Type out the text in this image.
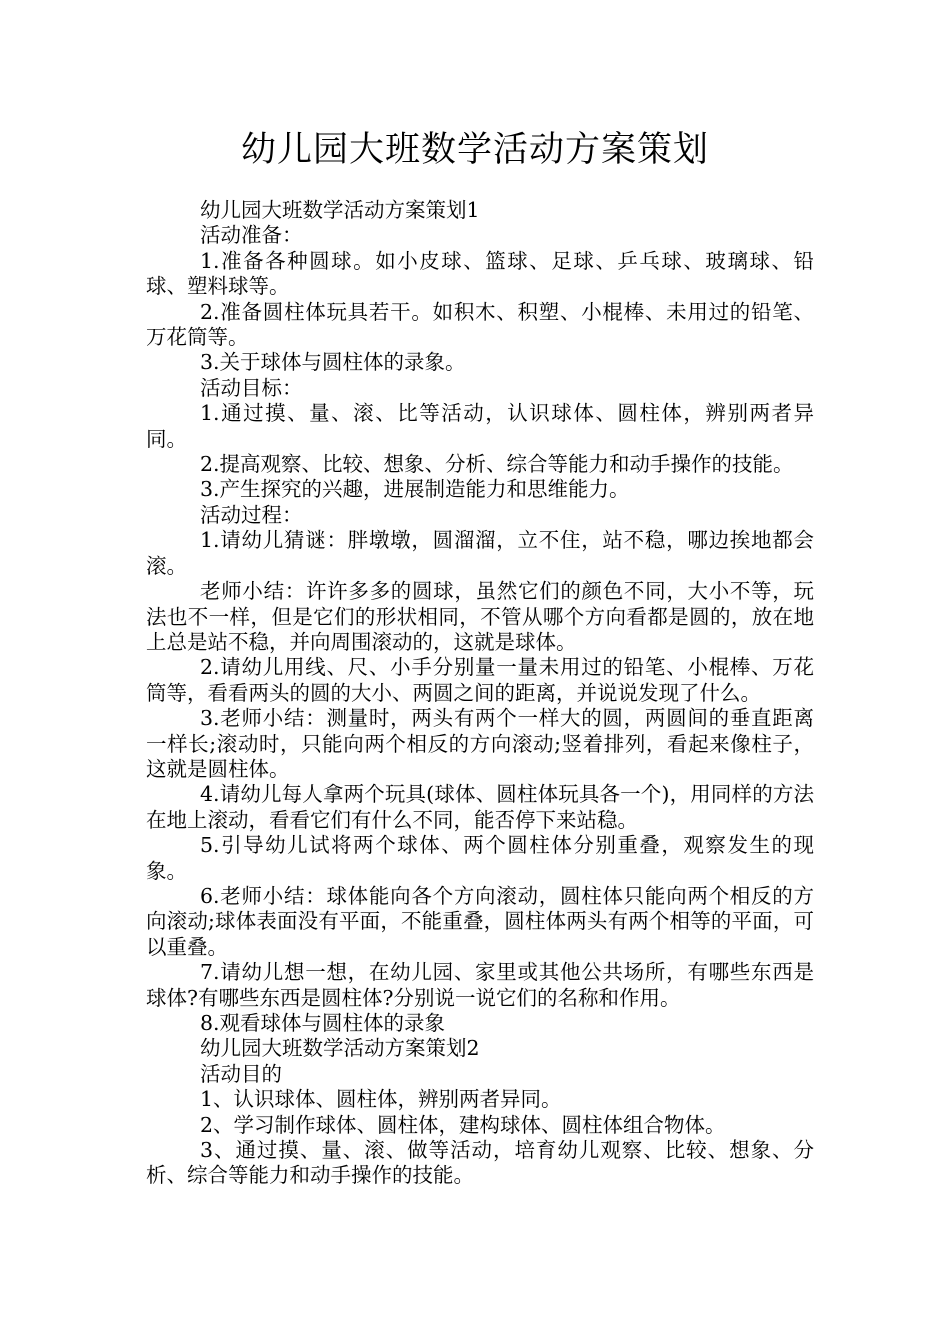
幼儿园大班数学活动方案策划

幼儿园大班数学活动方案策划1

活动准备：

1.准备各种圆球。如小皮球、篮球、足球、乒乓球、玻璃球、铅球、塑料球等。

2.准备圆柱体玩具若干。如积木、积塑、小棍棒、未用过的铅笔、万花筒等。

3.关于球体与圆柱体的录象。

活动目标：

1.通过摸、量、滚、比等活动，认识球体、圆柱体，辨别两者异同。

2.提高观察、比较、想象、分析、综合等能力和动手操作的技能。

3.产生探究的兴趣，进展制造能力和思维能力。

活动过程：

1.请幼儿猜谜：胖墩墩，圆溜溜，立不住，站不稳，哪边挨地都会滚。

老师小结：许许多多的圆球，虽然它们的颜色不同，大小不等，玩法也不一样，但是它们的形状相同，不管从哪个方向看都是圆的，放在地上总是站不稳，并向周围滚动的，这就是球体。

2.请幼儿用线、尺、小手分别量一量未用过的铅笔、小棍棒、万花筒等，看看两头的圆的大小、两圆之间的距离，并说说发现了什么。

3.老师小结：测量时，两头有两个一样大的圆，两圆间的垂直距离一样长;滚动时，只能向两个相反的方向滚动;竖着排列，看起来像柱子，这就是圆柱体。

4.请幼儿每人拿两个玩具(球体、圆柱体玩具各一个)，用同样的方法在地上滚动，看看它们有什么不同，能否停下来站稳。

5.引导幼儿试将两个球体、两个圆柱体分别重叠，观察发生的现象。

6.老师小结：球体能向各个方向滚动，圆柱体只能向两个相反的方向滚动;球体表面没有平面，不能重叠，圆柱体两头有两个相等的平面，可以重叠。

7.请幼儿想一想，在幼儿园、家里或其他公共场所，有哪些东西是球体?有哪些东西是圆柱体?分别说一说它们的名称和作用。

8.观看球体与圆柱体的录象

幼儿园大班数学活动方案策划2

活动目的

1、认识球体、圆柱体，辨别两者异同。

2、学习制作球体、圆柱体，建构球体、圆柱体组合物体。

3、通过摸、量、滚、做等活动，培育幼儿观察、比较、想象、分析、综合等能力和动手操作的技能。
